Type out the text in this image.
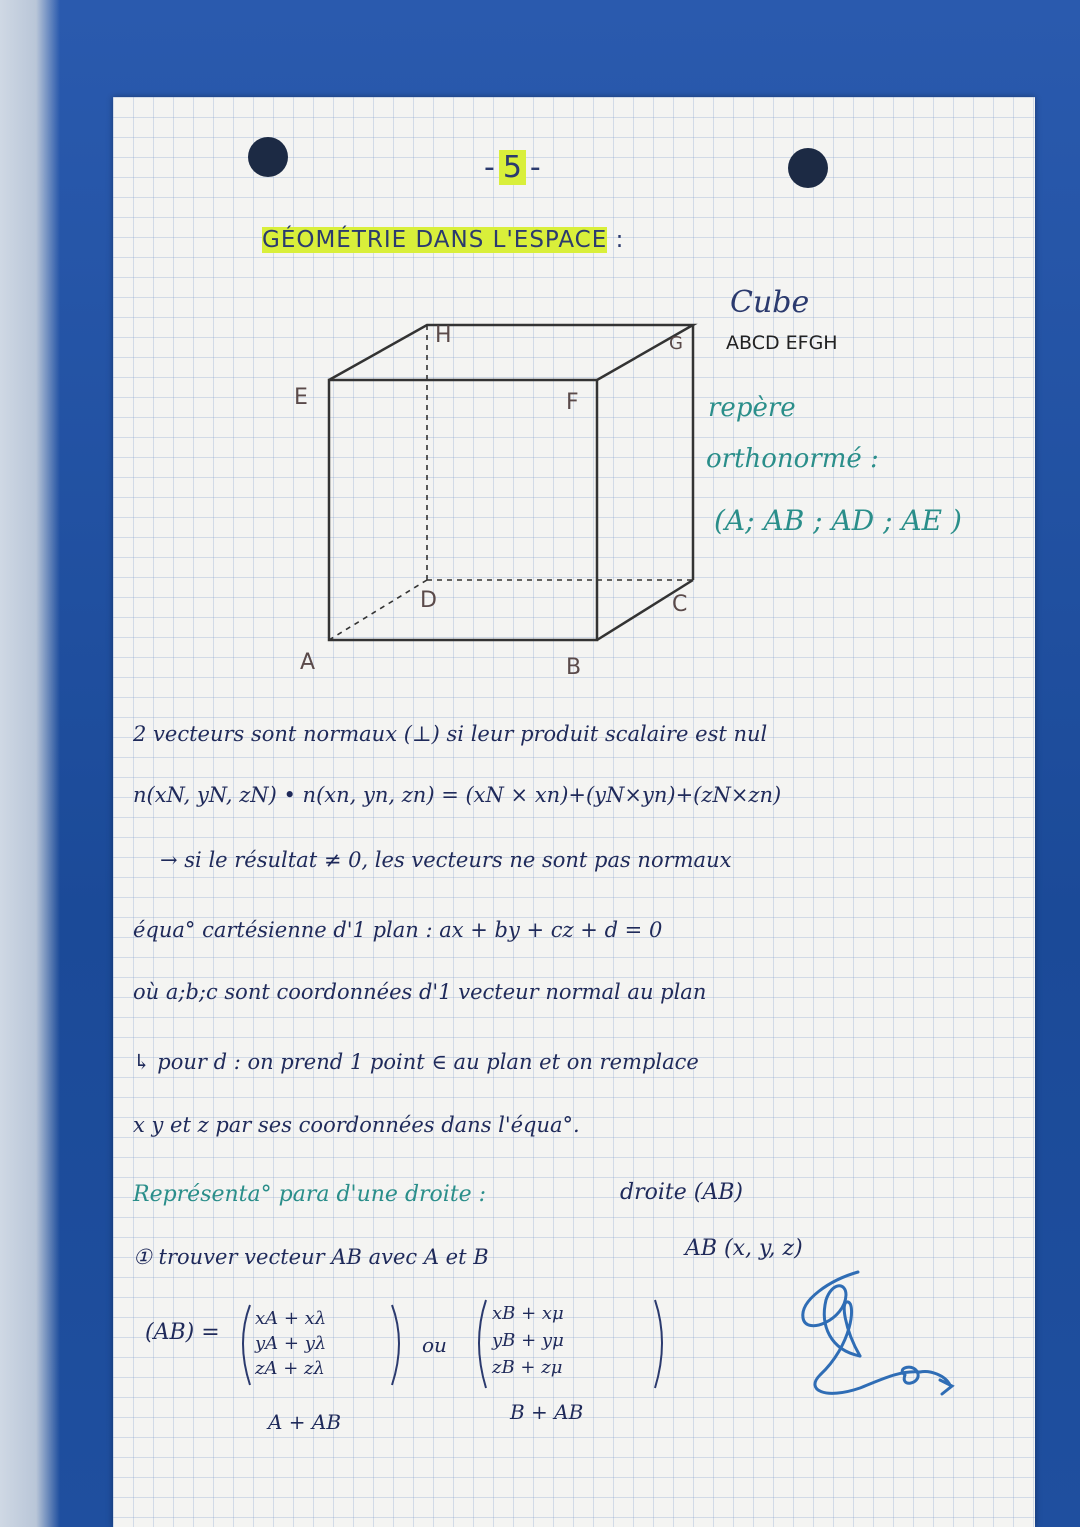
- 5 -
GÉOMÉTRIE DANS L'ESPACE :
A	B
C
D
E	F
G
H
Cube
ABCD EFGH
repère
orthonormé :
(A; AB ; AD ; AE )
2 vecteurs sont normaux (⊥) si leur produit scalaire est nul
n(xN, yN, zN) • n(xn, yn, zn) = (xN × xn)+(yN×yn)+(zN×zn)
→ si le résultat ≠ 0, les vecteurs ne sont pas normaux
équa° cartésienne d'1 plan : ax + by + cz + d = 0
où a;b;c sont coordonnées d'1 vecteur normal au plan
↳ pour d : on prend 1 point ∈ au plan et on remplace
x y et z par ses coordonnées dans l'équa°.
Représenta° para d'une droite :	droite (AB)
① trouver vecteur AB avec A et B	AB (x, y, z)
(AB) =
xA + xλ
yA + yλ
zA + zλ
ou
xB + xμ
yB + yμ
zB + zμ
A + AB	B + AB
